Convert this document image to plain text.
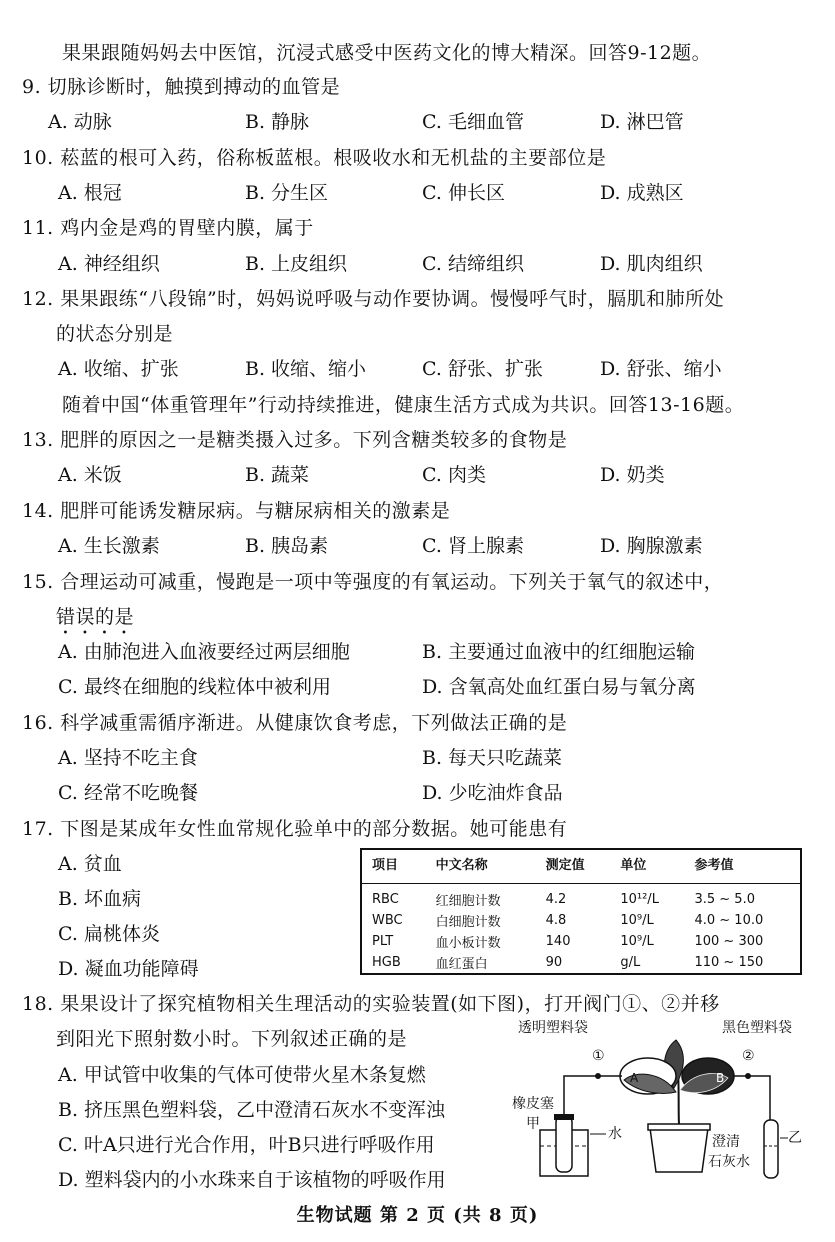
果果跟随妈妈去中医馆，沉浸式感受中医药文化的博大精深。回答9-12题。
9. 切脉诊断时，触摸到搏动的血管是
A. 动脉	B. 静脉	C. 毛细血管	D. 淋巴管
10. 菘蓝的根可入药，俗称板蓝根。根吸收水和无机盐的主要部位是
A. 根冠	B. 分生区	C. 伸长区	D. 成熟区
11. 鸡内金是鸡的胃壁内膜，属于
A. 神经组织	B. 上皮组织	C. 结缔组织	D. 肌肉组织
12. 果果跟练“八段锦”时，妈妈说呼吸与动作要协调。慢慢呼气时，膈肌和肺所处
的状态分别是
A. 收缩、扩张	B. 收缩、缩小	C. 舒张、扩张	D. 舒张、缩小
随着中国“体重管理年”行动持续推进，健康生活方式成为共识。回答13-16题。
13. 肥胖的原因之一是糖类摄入过多。下列含糖类较多的食物是
A. 米饭	B. 蔬菜	C. 肉类	D. 奶类
14. 肥胖可能诱发糖尿病。与糖尿病相关的激素是
A. 生长激素	B. 胰岛素	C. 肾上腺素	D. 胸腺激素
15. 合理运动可减重，慢跑是一项中等强度的有氧运动。下列关于氧气的叙述中，
错误的是
A. 由肺泡进入血液要经过两层细胞	B. 主要通过血液中的红细胞运输
C. 最终在细胞的线粒体中被利用	D. 含氧高处血红蛋白易与氧分离
16. 科学减重需循序渐进。从健康饮食考虑，下列做法正确的是
A. 坚持不吃主食	B. 每天只吃蔬菜
C. 经常不吃晚餐	D. 少吃油炸食品
17. 下图是某成年女性血常规化验单中的部分数据。她可能患有
A. 贫血
B. 坏血病
C. 扁桃体炎
D. 凝血功能障碍
项目	中文名称	测定值	单位	参考值
RBC	红细胞计数	4.2	10¹²/L	3.5 ~ 5.0
WBC	白细胞计数	4.8	10⁹/L	4.0 ~ 10.0
PLT	血小板计数	140	10⁹/L	100 ~ 300
HGB	血红蛋白	90	g/L	110 ~ 150
18. 果果设计了探究植物相关生理活动的实验装置(如下图)，打开阀门①、②并移
到阳光下照射数小时。下列叙述正确的是
A. 甲试管中收集的气体可使带火星木条复燃
B. 挤压黑色塑料袋，乙中澄清石灰水不变浑浊
C. 叶A只进行光合作用，叶B只进行呼吸作用
D. 塑料袋内的小水珠来自于该植物的呼吸作用
透明塑料袋	黑色塑料袋
①	②
A	B
橡皮塞
甲
水	澄清
石灰水
乙
生物试题 第 2 页 (共 8 页)
